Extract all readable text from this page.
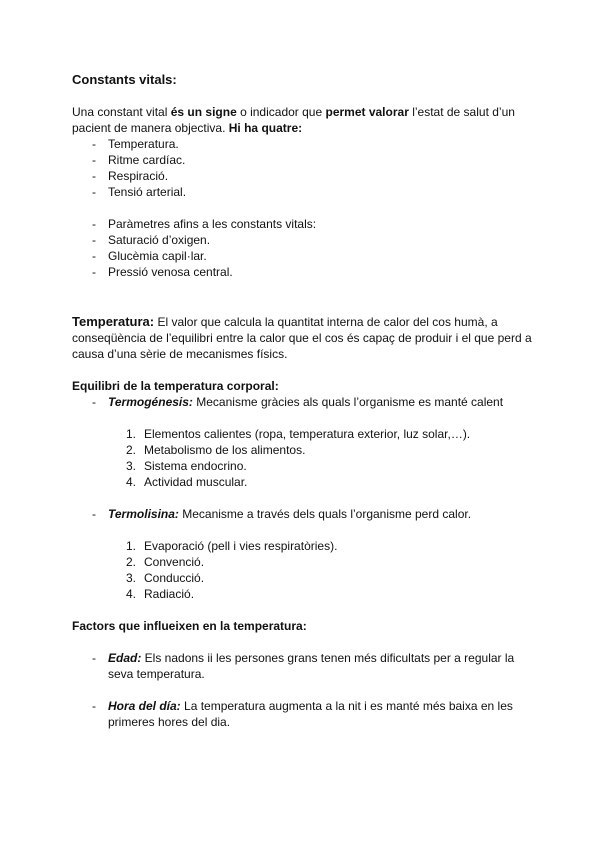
Constants vitals:

Una constant vital és un signe o indicador que permet valorar l’estat de salut d’un pacient de manera objectiva. Hi ha quatre:

- Temperatura.
- Ritme cardíac.
- Respiració.
- Tensió arterial.
- Paràmetres afins a les constants vitals:
- Saturació d’oxigen.
- Glucèmia capil·lar.
- Pressió venosa central.

Temperatura: El valor que calcula la quantitat interna de calor del cos humà, a conseqüència de l’equilibri entre la calor que el cos és capaç de produir i el que perd a causa d’una sèrie de mecanismes físics.

Equilibri de la temperatura corporal:
- Termogénesis: Mecanisme gràcies als quals l’organisme es manté calent
1. Elementos calientes (ropa, temperatura exterior, luz solar,…).
2. Metabolismo de los alimentos.
3. Sistema endocrino.
4. Actividad muscular.
- Termolisina: Mecanisme a través dels quals l’organisme perd calor.
1. Evaporació (pell i vies respiratòries).
2. Convenció.
3. Conducció.
4. Radiació.
Factors que influeixen en la temperatura:
- Edad: Els nadons ii les persones grans tenen més dificultats per a regular la seva temperatura.
- Hora del día: La temperatura augmenta a la nit i es manté més baixa en les primeres hores del dia.
